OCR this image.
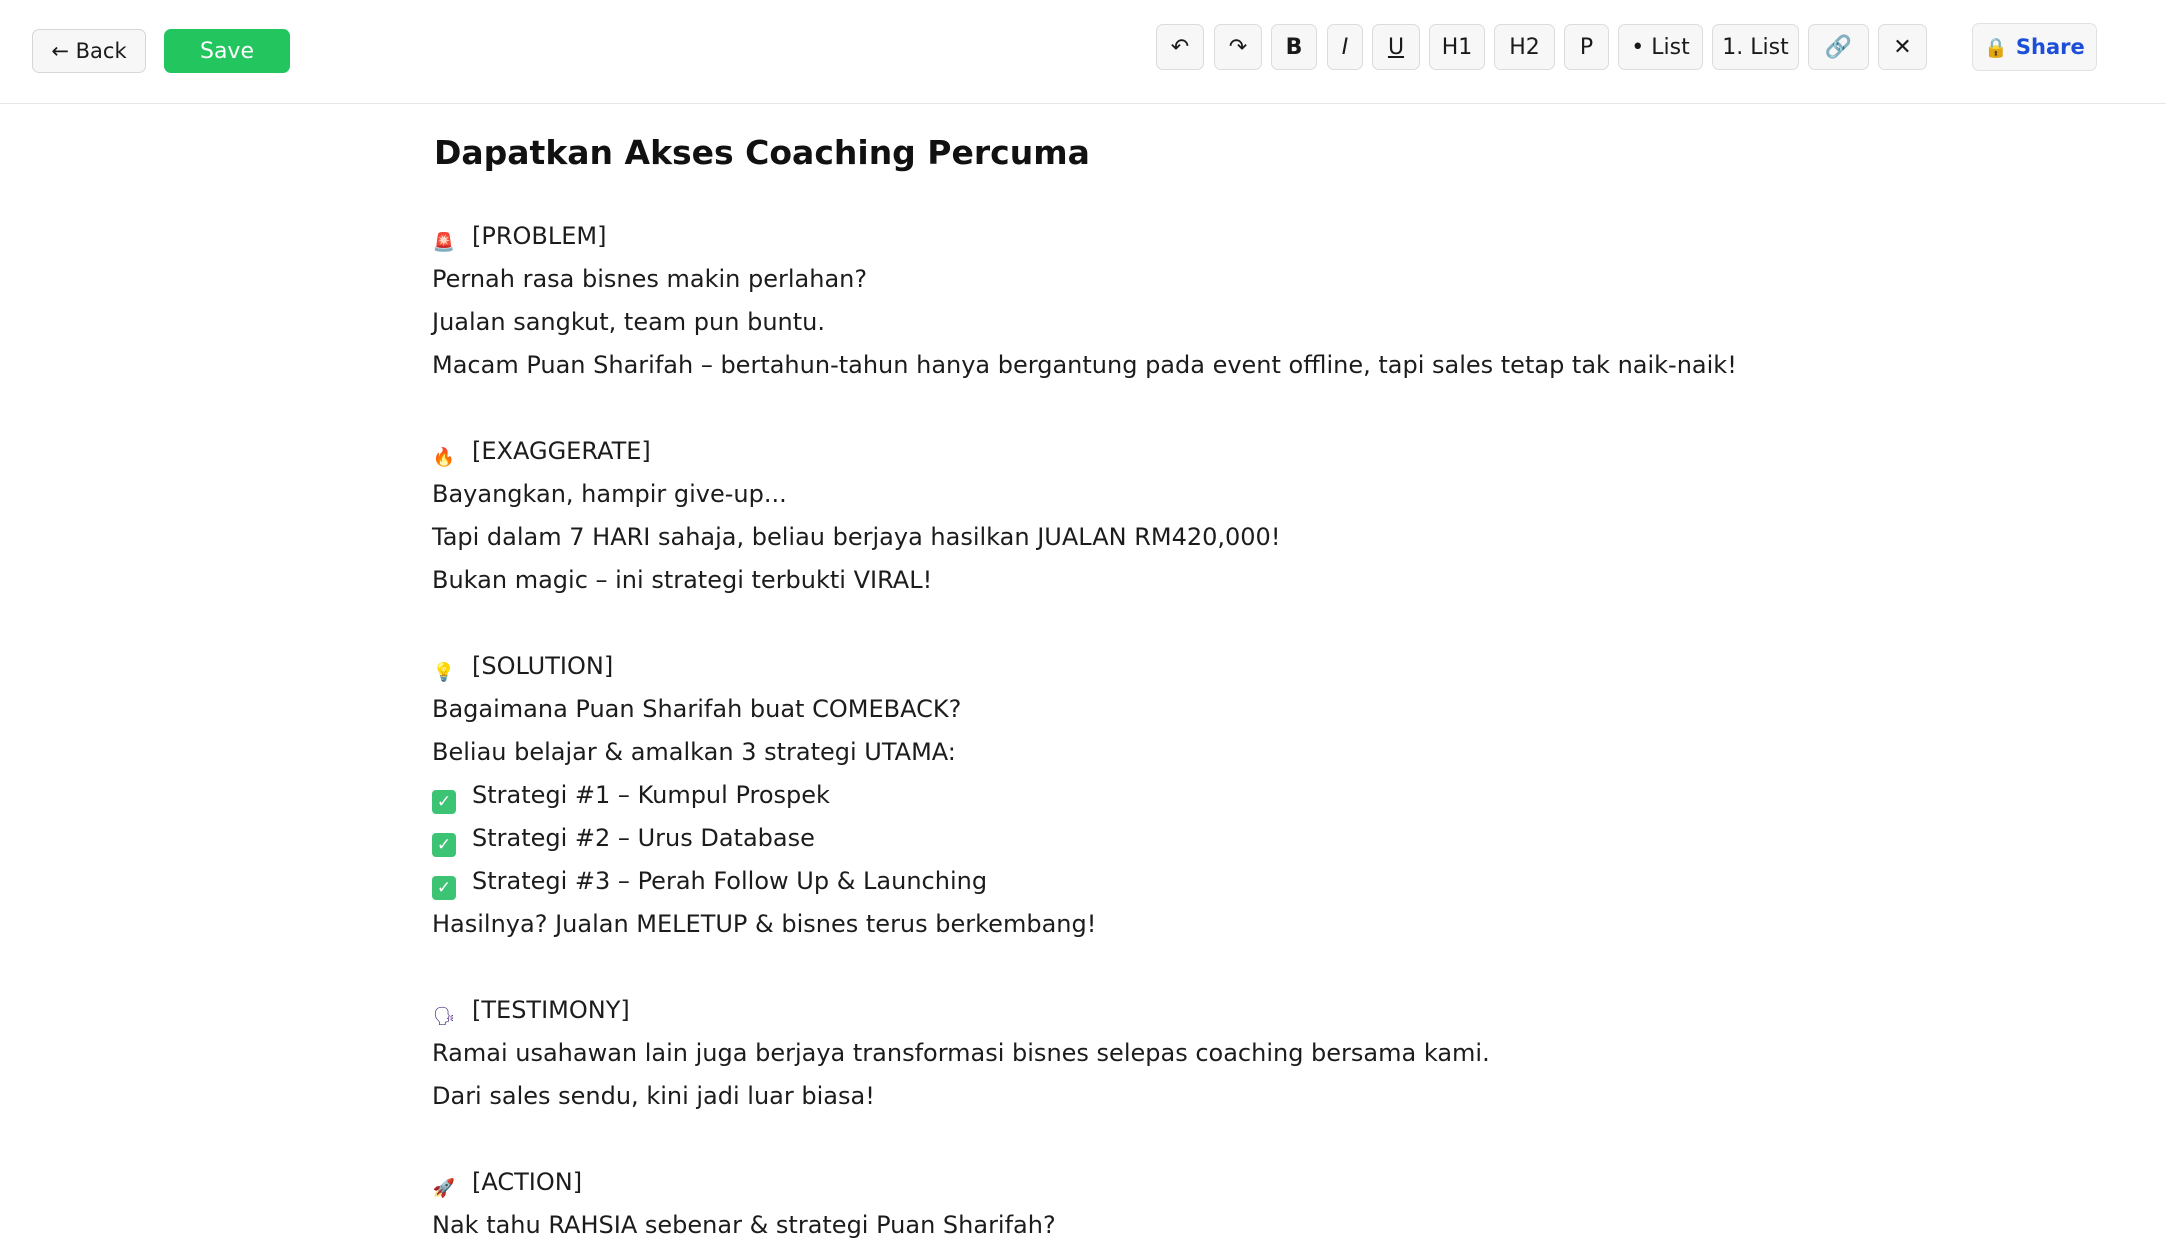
← Back	Save	↶	↷	B	I	U	H1	H2	P	• List	1. List	🔗	✕	🔒 Share
Dapatkan Akses Coaching Percuma
🚨 [PROBLEM]
Pernah rasa bisnes makin perlahan?
Jualan sangkut, team pun buntu.
Macam Puan Sharifah – bertahun-tahun hanya bergantung pada event offline, tapi sales tetap tak naik-naik!
🔥 [EXAGGERATE]
Bayangkan, hampir give-up...
Tapi dalam 7 HARI sahaja, beliau berjaya hasilkan JUALAN RM420,000!
Bukan magic – ini strategi terbukti VIRAL!
💡 [SOLUTION]
Bagaimana Puan Sharifah buat COMEBACK?
Beliau belajar & amalkan 3 strategi UTAMA:
✓ Strategi #1 – Kumpul Prospek
✓ Strategi #2 – Urus Database
✓ Strategi #3 – Perah Follow Up & Launching
Hasilnya? Jualan MELETUP & bisnes terus berkembang!
🗣 [TESTIMONY]
Ramai usahawan lain juga berjaya transformasi bisnes selepas coaching bersama kami.
Dari sales sendu, kini jadi luar biasa!
🚀 [ACTION]
Nak tahu RAHSIA sebenar & strategi Puan Sharifah?
